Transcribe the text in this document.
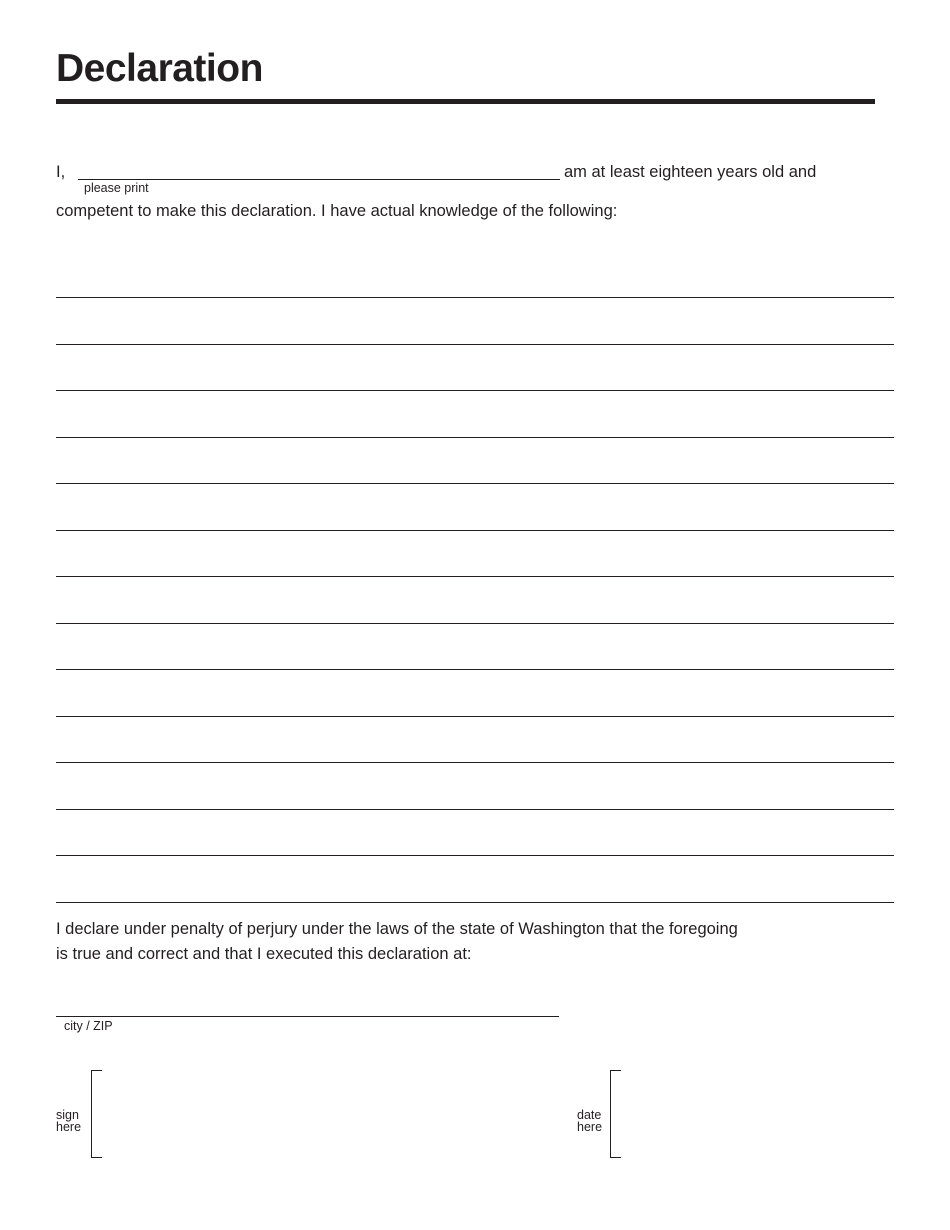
Declaration
I,	am at least eighteen years old and
please print
competent to make this declaration. I have actual knowledge of the following:
I declare under penalty of perjury under the laws of the state of Washington that the foregoing
is true and correct and that I executed this declaration at:
city / ZIP
sign
here
date
here
